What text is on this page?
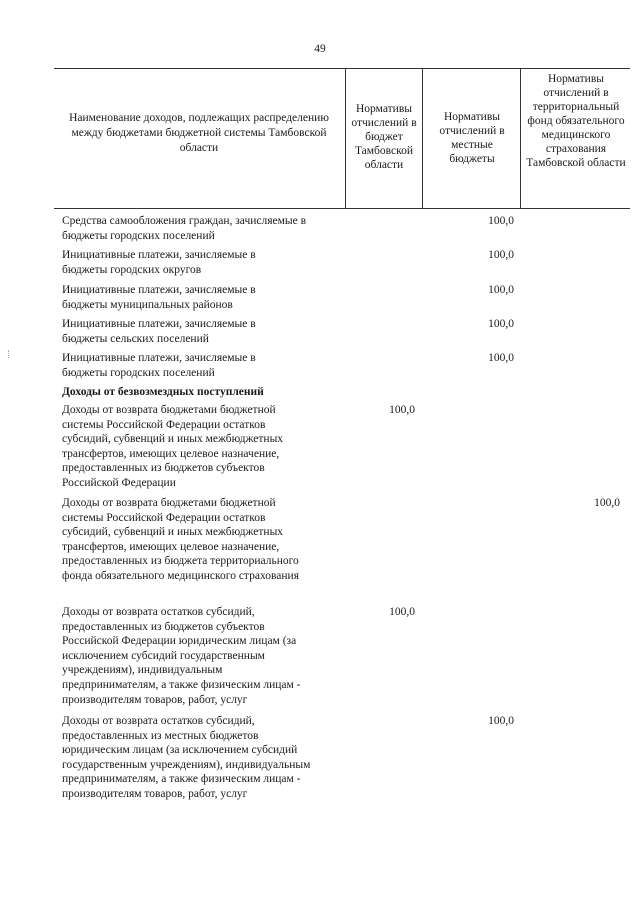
49
Наименование доходов, подлежащих распределению между бюджетами бюджетной системы Тамбовской области
Нормативы отчислений в бюджет Тамбовской области
Нормативы отчислений в местные бюджеты
Нормативы отчислений в территориальный фонд обязательного медицинского страхования Тамбовской области
Средства самообложения граждан, зачисляемые в бюджеты городских поселений
100,0
Инициативные платежи, зачисляемые в бюджеты городских округов
100,0
Инициативные платежи, зачисляемые в бюджеты муниципальных районов
100,0
Инициативные платежи, зачисляемые в бюджеты сельских поселений
100,0
Инициативные платежи, зачисляемые в бюджеты городских поселений
100,0
Доходы от безвозмездных поступлений
Доходы от возврата бюджетами бюджетной системы Российской Федерации остатков субсидий, субвенций и иных межбюджетных трансфертов, имеющих целевое назначение, предоставленных из бюджетов субъектов Российской Федерации
100,0
Доходы от возврата бюджетами бюджетной системы Российской Федерации остатков субсидий, субвенций и иных межбюджетных трансфертов, имеющих целевое назначение, предоставленных из бюджета территориального фонда обязательного медицинского страхования
100,0
Доходы от возврата остатков субсидий, предоставленных из бюджетов субъектов Российской Федерации юридическим лицам (за исключением субсидий государственным учреждениям), индивидуальным предпринимателям, а также физическим лицам - производителям товаров, работ, услуг
100,0
Доходы от возврата остатков субсидий, предоставленных из местных бюджетов юридическим лицам (за исключением субсидий государственным учреждениям), индивидуальным предпринимателям, а также физическим лицам - производителям товаров, работ, услуг
100,0
